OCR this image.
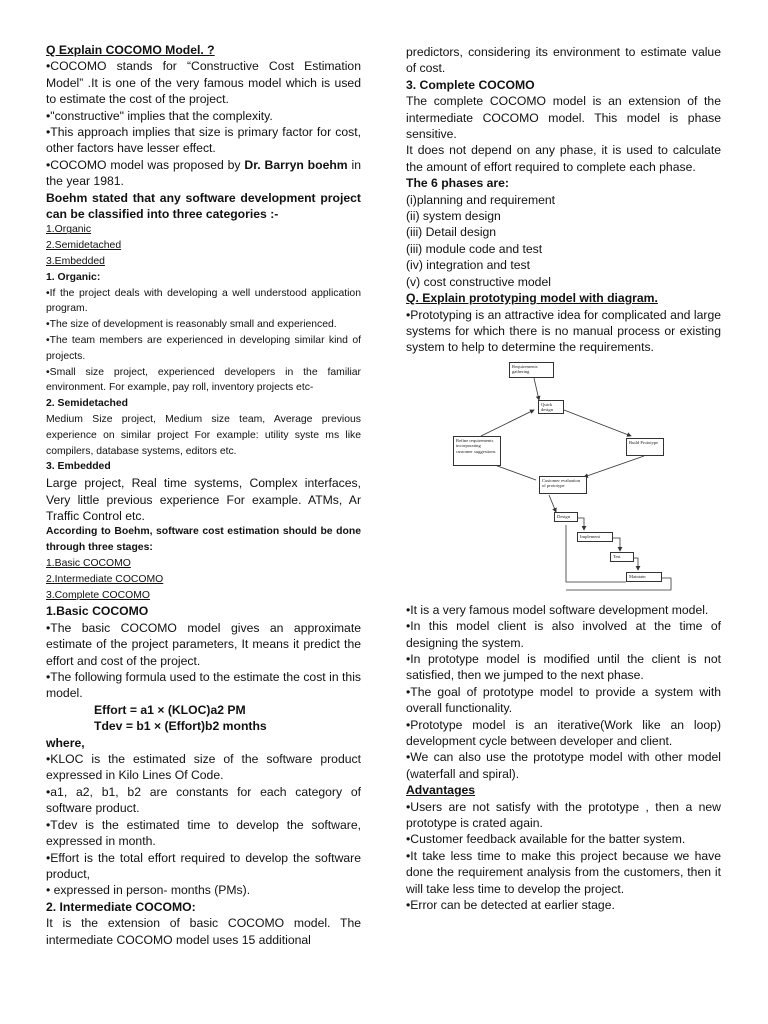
Q Explain COCOMO Model. ?

•COCOMO stands for “Constructive Cost Estimation Model” .It is one of the very famous model which is used to estimate the cost of the project.

•"constructive" implies that the complexity.

•This approach implies that size is primary factor for cost, other factors have lesser effect.

•COCOMO model was proposed by Dr. Barryn boehm in the year 1981.

Boehm stated that any software development project can be classified into three categories :-

1.Organic

2.Semidetached

3.Embedded

1. Organic:

•If the project deals with developing a well understood application program.

•The size of development is reasonably small and experienced.

•The team members are experienced in developing similar kind of projects.

•Small size project, experienced developers in the familiar environment. For example, pay roll, inventory projects etc-

2. Semidetached

Medium Size project, Medium size team, Average previous experience on similar project For example: utility syste ms like compilers, database systems, editors etc.

3. Embedded

Large project, Real time systems, Complex interfaces, Very little previous experience For example. ATMs, Ar Traffic Control etc.

According to Boehm, software cost estimation should be done through three stages:

1.Basic COCOMO

2.Intermediate COCOMO

3.Complete COCOMO

1.Basic COCOMO

•The basic COCOMO model gives an approximate estimate of the project parameters, It means it predict the effort and cost of the project.

•The following formula used to the estimate the cost in this model.

Effort = a1 × (KLOC)a2 PM

Tdev = b1 × (Effort)b2 months

where,

•KLOC is the estimated size of the software product expressed in Kilo Lines Of Code.

•a1, a2, b1, b2 are constants for each category of software product.

•Tdev is the estimated time to develop the software, expressed in month.

•Effort is the total effort required to develop the software product,

• expressed in person- months (PMs).

2. Intermediate COCOMO:

It is the extension of basic COCOMO model. The intermediate COCOMO model uses 15 additional

predictors, considering its environment to estimate value of cost.

3. Complete COCOMO

The complete COCOMO model is an extension of the intermediate COCOMO model. This model is phase sensitive.

It does not depend on any phase, it is used to calculate the amount of effort required to complete each phase.

The 6 phases are:

(i)planning and requirement

(ii) system design

(iii) Detail design

(iii) module code and test

(iv) integration and test

(v) cost constructive model

Q. Explain prototyping model with diagram.

•Prototyping is an attractive idea for complicated and large systems for which there is no manual process or existing system to help to determine the requirements.

Requirements gathering
Quick design
Build Prototype
Refine requirements incorporating customer suggestions
Customer evaluation of prototype
Design
Implement
Test
Maintain

•It is a very famous model software development model.

•In this model client is also involved at the time of designing the system.

•In prototype model is modified until the client is not satisfied, then we jumped to the next phase.

•The goal of prototype model to provide a system with overall functionality.

•Prototype model is an iterative(Work like an loop) development cycle between developer and client.

•We can also use the prototype model with other model (waterfall and spiral).

Advantages

•Users are not satisfy with the prototype , then a new prototype is crated again.

•Customer feedback available for the batter system.

•It take less time to make this project because we have done the requirement analysis from the customers, then it will take less time to develop the project.

•Error can be detected at earlier stage.
